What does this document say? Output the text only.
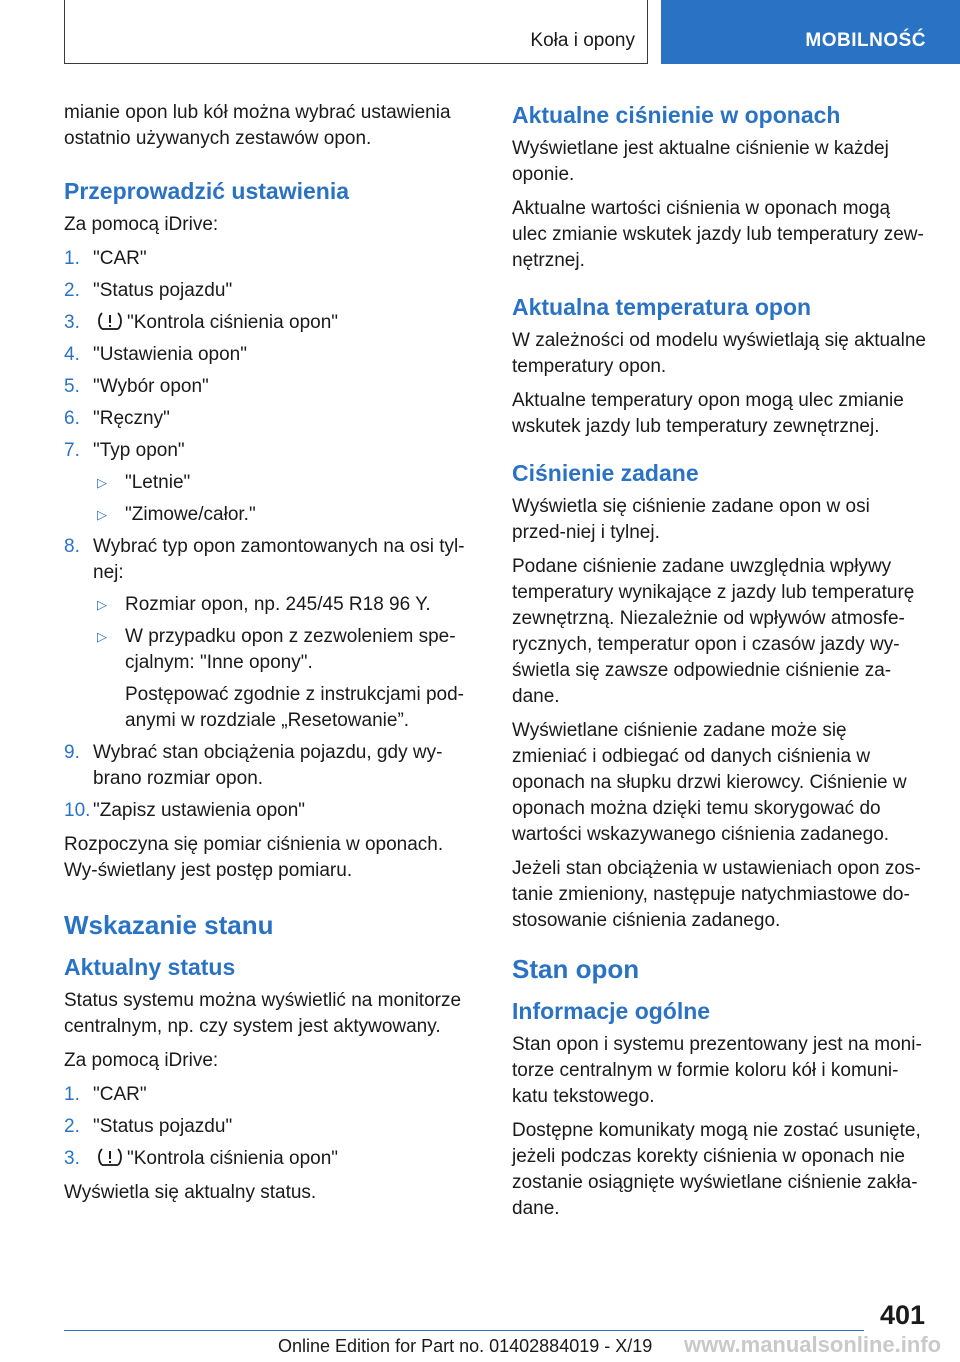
Koła i opony	MOBILNOŚĆ

mianie opon lub kół można wybrać ustawienia ostatnio używanych zestawów opon.

Przeprowadzić ustawienia

Za pomocą iDrive:

1. "CAR"
2. "Status pojazdu"
3. "Kontrola ciśnienia opon"
4. "Ustawienia opon"
5. "Wybór opon"
6. "Ręczny"
7. "Typ opon"
▷ "Letnie"
▷ "Zimowe/całor."
8. Wybrać typ opon zamontowanych na osi tyl-nej:
▷ Rozmiar opon, np. 245/45 R18 96 Y.
▷ W przypadku opon z zezwoleniem spe-cjalnym: "Inne opony".

Postępować zgodnie z instrukcjami pod-anymi w rozdziale „Resetowanie”.

9. Wybrać stan obciążenia pojazdu, gdy wy-brano rozmiar opon.
10. "Zapisz ustawienia opon"

Rozpoczyna się pomiar ciśnienia w oponach. Wy-świetlany jest postęp pomiaru.

Wskazanie stanu
Aktualny status

Status systemu można wyświetlić na monitorze centralnym, np. czy system jest aktywowany.

Za pomocą iDrive:

1. "CAR"
2. "Status pojazdu"
3. "Kontrola ciśnienia opon"

Wyświetla się aktualny status.

Aktualne ciśnienie w oponach

Wyświetlane jest aktualne ciśnienie w każdej oponie.

Aktualne wartości ciśnienia w oponach mogą ulec zmianie wskutek jazdy lub temperatury zew-nętrznej.

Aktualna temperatura opon

W zależności od modelu wyświetlają się aktualne temperatury opon.

Aktualne temperatury opon mogą ulec zmianie wskutek jazdy lub temperatury zewnętrznej.

Ciśnienie zadane

Wyświetla się ciśnienie zadane opon w osi przed-niej i tylnej.

Podane ciśnienie zadane uwzględnia wpływy temperatury wynikające z jazdy lub temperaturę zewnętrzną. Niezależnie od wpływów atmosfe-rycznych, temperatur opon i czasów jazdy wy-świetla się zawsze odpowiednie ciśnienie za-dane.

Wyświetlane ciśnienie zadane może się zmieniać i odbiegać od danych ciśnienia w oponach na słupku drzwi kierowcy. Ciśnienie w oponach można dzięki temu skorygować do wartości wskazywanego ciśnienia zadanego.

Jeżeli stan obciążenia w ustawieniach opon zos-tanie zmieniony, następuje natychmiastowe do-stosowanie ciśnienia zadanego.

Stan opon
Informacje ogólne

Stan opon i systemu prezentowany jest na moni-torze centralnym w formie koloru kół i komuni-katu tekstowego.

Dostępne komunikaty mogą nie zostać usunięte, jeżeli podczas korekty ciśnienia w oponach nie zostanie osiągnięte wyświetlane ciśnienie zakła-dane.

401
Online Edition for Part no. 01402884019 - X/19 www.manualsonline.info
